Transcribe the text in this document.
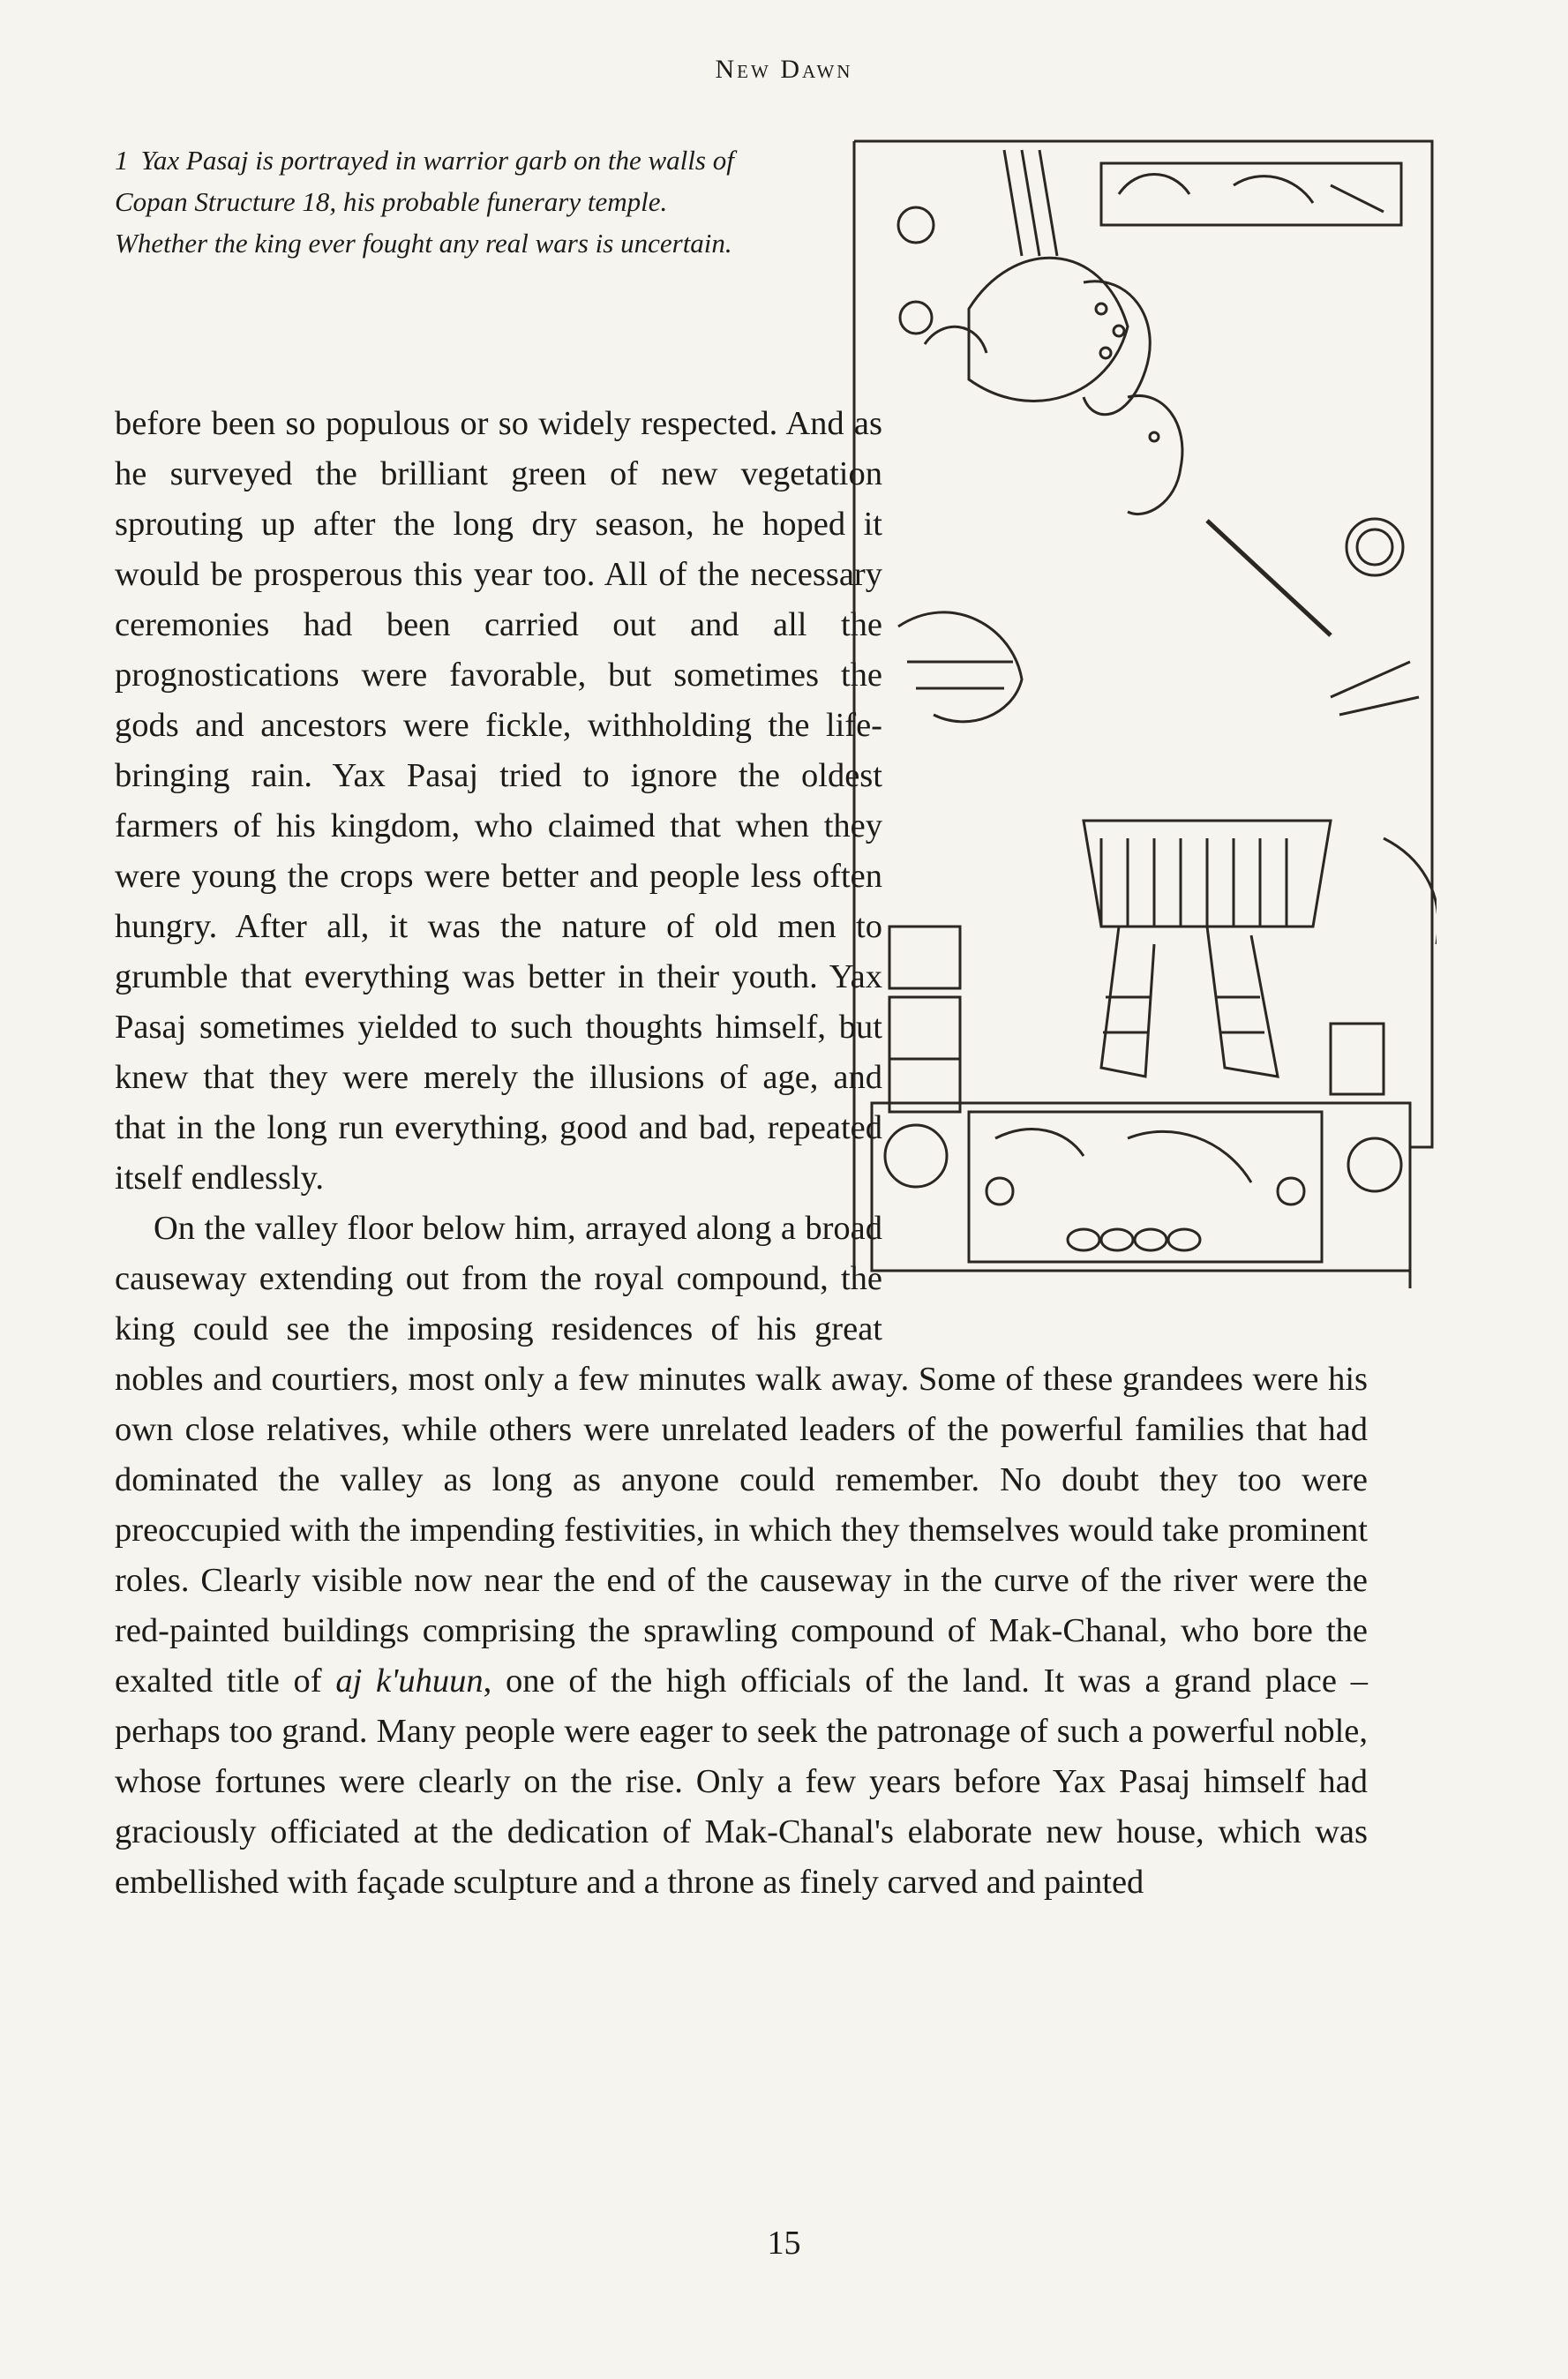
New Dawn
1 Yax Pasaj is portrayed in warrior garb on the walls of Copan Structure 18, his probable funerary temple. Whether the king ever fought any real wars is uncertain.

before been so populous or so widely respected. And as he surveyed the brilliant green of new vegetation sprouting up after the long dry season, he hoped it would be prosperous this year too. All of the necessary ceremonies had been carried out and all the prognostications were favorable, but sometimes the gods and ancestors were fickle, withholding the life-bringing rain. Yax Pasaj tried to ignore the oldest farmers of his kingdom, who claimed that when they were young the crops were better and people less often hungry. After all, it was the nature of old men to grumble that everything was better in their youth. Yax Pasaj sometimes yielded to such thoughts himself, but knew that they were merely the illusions of age, and that in the long run everything, good and bad, repeated itself endlessly.

On the valley floor below him, arrayed along a broad causeway extending out from the royal compound, the king could see the imposing residences of his great nobles and courtiers, most only a few minutes walk away. Some of these grandees were his own close relatives, while others were unrelated leaders of the powerful families that had dominated the valley as long as anyone could remember. No doubt they too were preoccupied with the impending festivities, in which they themselves would take prominent roles. Clearly visible now near the end of the causeway in the curve of the river were the red-painted buildings comprising the sprawling compound of Mak-Chanal, who bore the exalted title of aj k'uhuun, one of the high officials of the land. It was a grand place – perhaps too grand. Many people were eager to seek the patronage of such a powerful noble, whose fortunes were clearly on the rise. Only a few years before Yax Pasaj himself had graciously officiated at the dedication of Mak-Chanal's elaborate new house, which was embellished with façade sculpture and a throne as finely carved and painted

15
